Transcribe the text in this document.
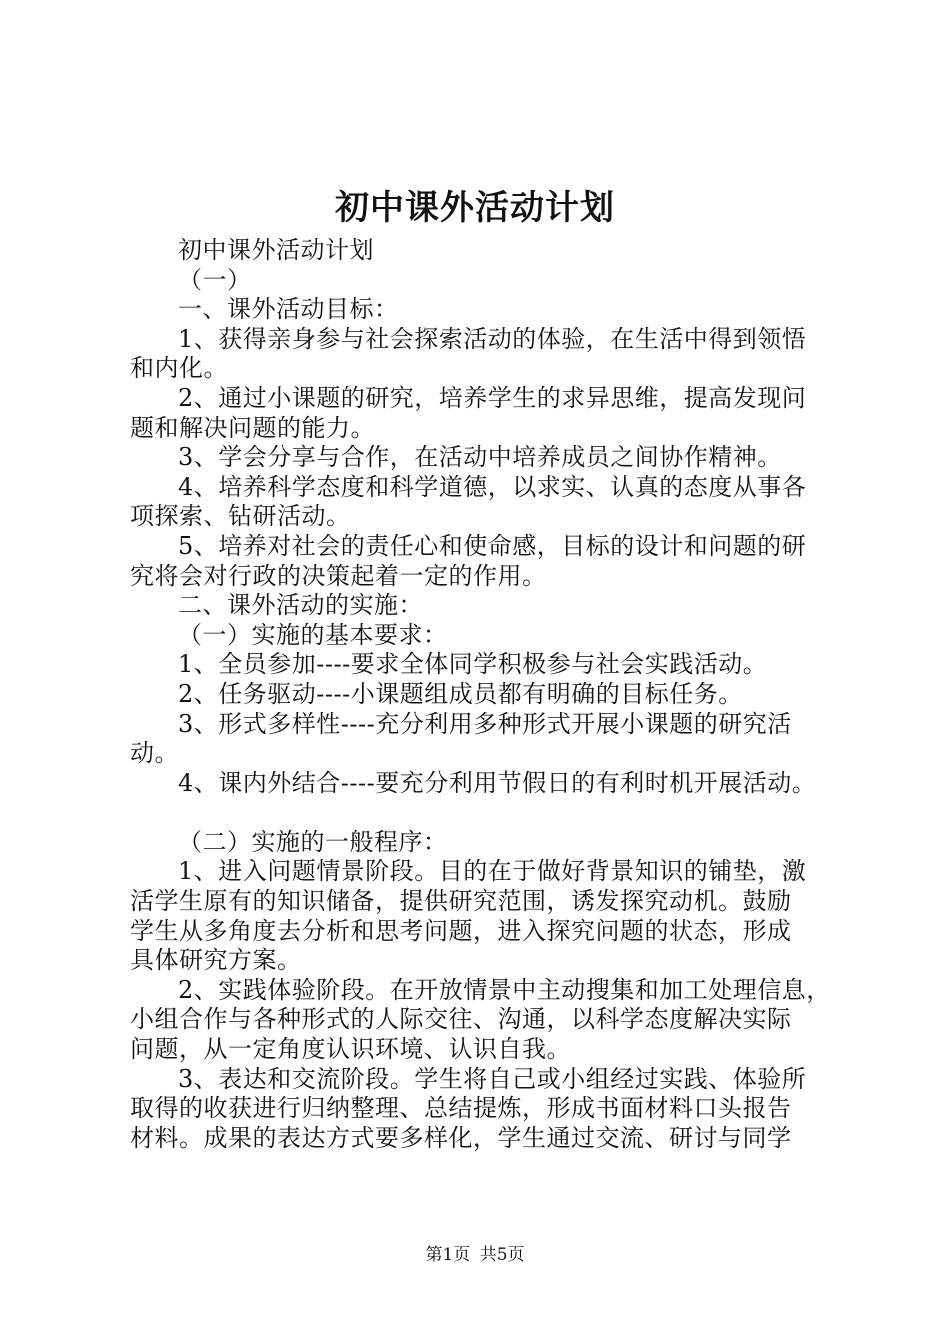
初中课外活动计划
初中课外活动计划
（一）
一、课外活动目标：
1、获得亲身参与社会探索活动的体验，在生活中得到领悟
和内化。
2、通过小课题的研究，培养学生的求异思维，提高发现问
题和解决问题的能力。
3、学会分享与合作，在活动中培养成员之间协作精神。
4、培养科学态度和科学道德，以求实、认真的态度从事各
项探索、钻研活动。
5、培养对社会的责任心和使命感，目标的设计和问题的研
究将会对行政的决策起着一定的作用。
二、课外活动的实施：
（一）实施的基本要求：
1、全员参加----要求全体同学积极参与社会实践活动。
2、任务驱动----小课题组成员都有明确的目标任务。
3、形式多样性----充分利用多种形式开展小课题的研究活
动。
4、课内外结合----要充分利用节假日的有利时机开展活动。
（二）实施的一般程序：
1、进入问题情景阶段。目的在于做好背景知识的铺垫，激
活学生原有的知识储备，提供研究范围，诱发探究动机。鼓励
学生从多角度去分析和思考问题，进入探究问题的状态，形成
具体研究方案。
2、实践体验阶段。在开放情景中主动搜集和加工处理信息，
小组合作与各种形式的人际交往、沟通，以科学态度解决实际
问题，从一定角度认识环境、认识自我。
3、表达和交流阶段。学生将自己或小组经过实践、体验所
取得的收获进行归纳整理、总结提炼，形成书面材料口头报告
材料。成果的表达方式要多样化，学生通过交流、研讨与同学
第1页 共5页
